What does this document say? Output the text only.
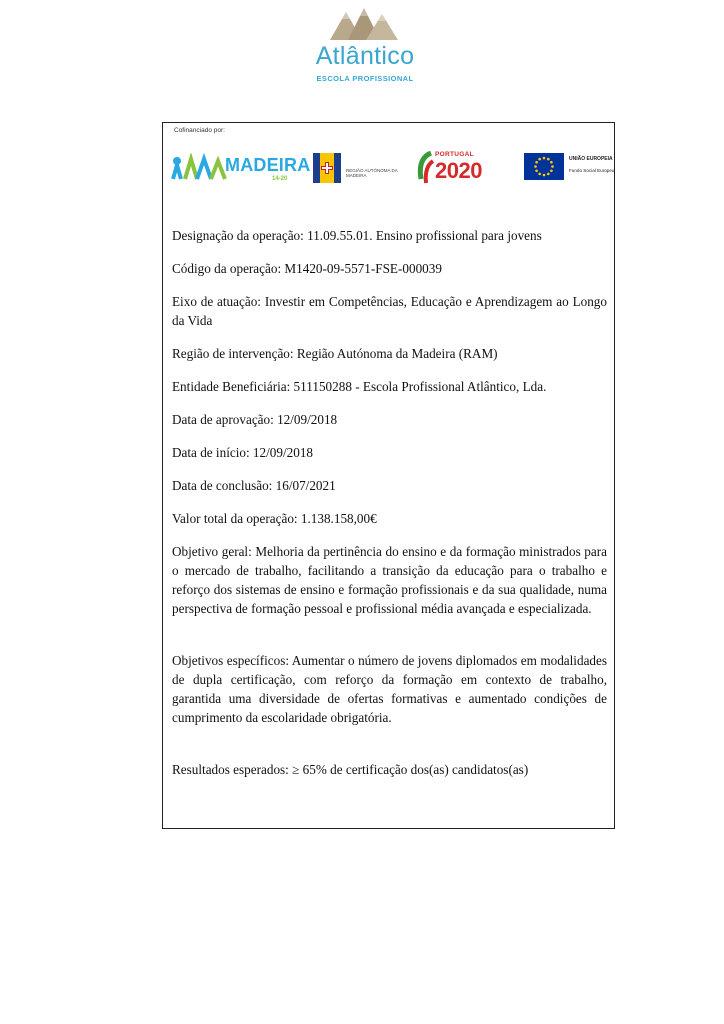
Atlântico
ESCOLA PROFISSIONAL
Cofinanciado por:
MADEIRA
14-20
REGIÃO AUTÓNOMA DA MADEIRA
PORTUGAL
2020	UNIÃO EUROPEIA
Fundo Social Europeu

Designação da operação: 11.09.55.01. Ensino profissional para jovens

Código da operação: M1420-09-5571-FSE-000039

Eixo de atuação: Investir em Competências, Educação e Aprendizagem ao Longo da Vida

Região de intervenção: Região Autónoma da Madeira (RAM)

Entidade Beneficiária: 511150288 - Escola Profissional Atlântico, Lda.

Data de aprovação: 12/09/2018

Data de início: 12/09/2018

Data de conclusão: 16/07/2021

Valor total da operação: 1.138.158,00€

Objetivo geral: Melhoria da pertinência do ensino e da formação ministrados para o mercado de trabalho, facilitando a transição da educação para o trabalho e reforço dos sistemas de ensino e formação profissionais e da sua qualidade, numa perspectiva de formação pessoal e profissional média avançada e especializada.

Objetivos específicos: Aumentar o número de jovens diplomados em modalidades de dupla certificação, com reforço da formação em contexto de trabalho, garantida uma diversidade de ofertas formativas e aumentado condições de cumprimento da escolaridade obrigatória.

Resultados esperados: ≥ 65% de certificação dos(as) candidatos(as)
